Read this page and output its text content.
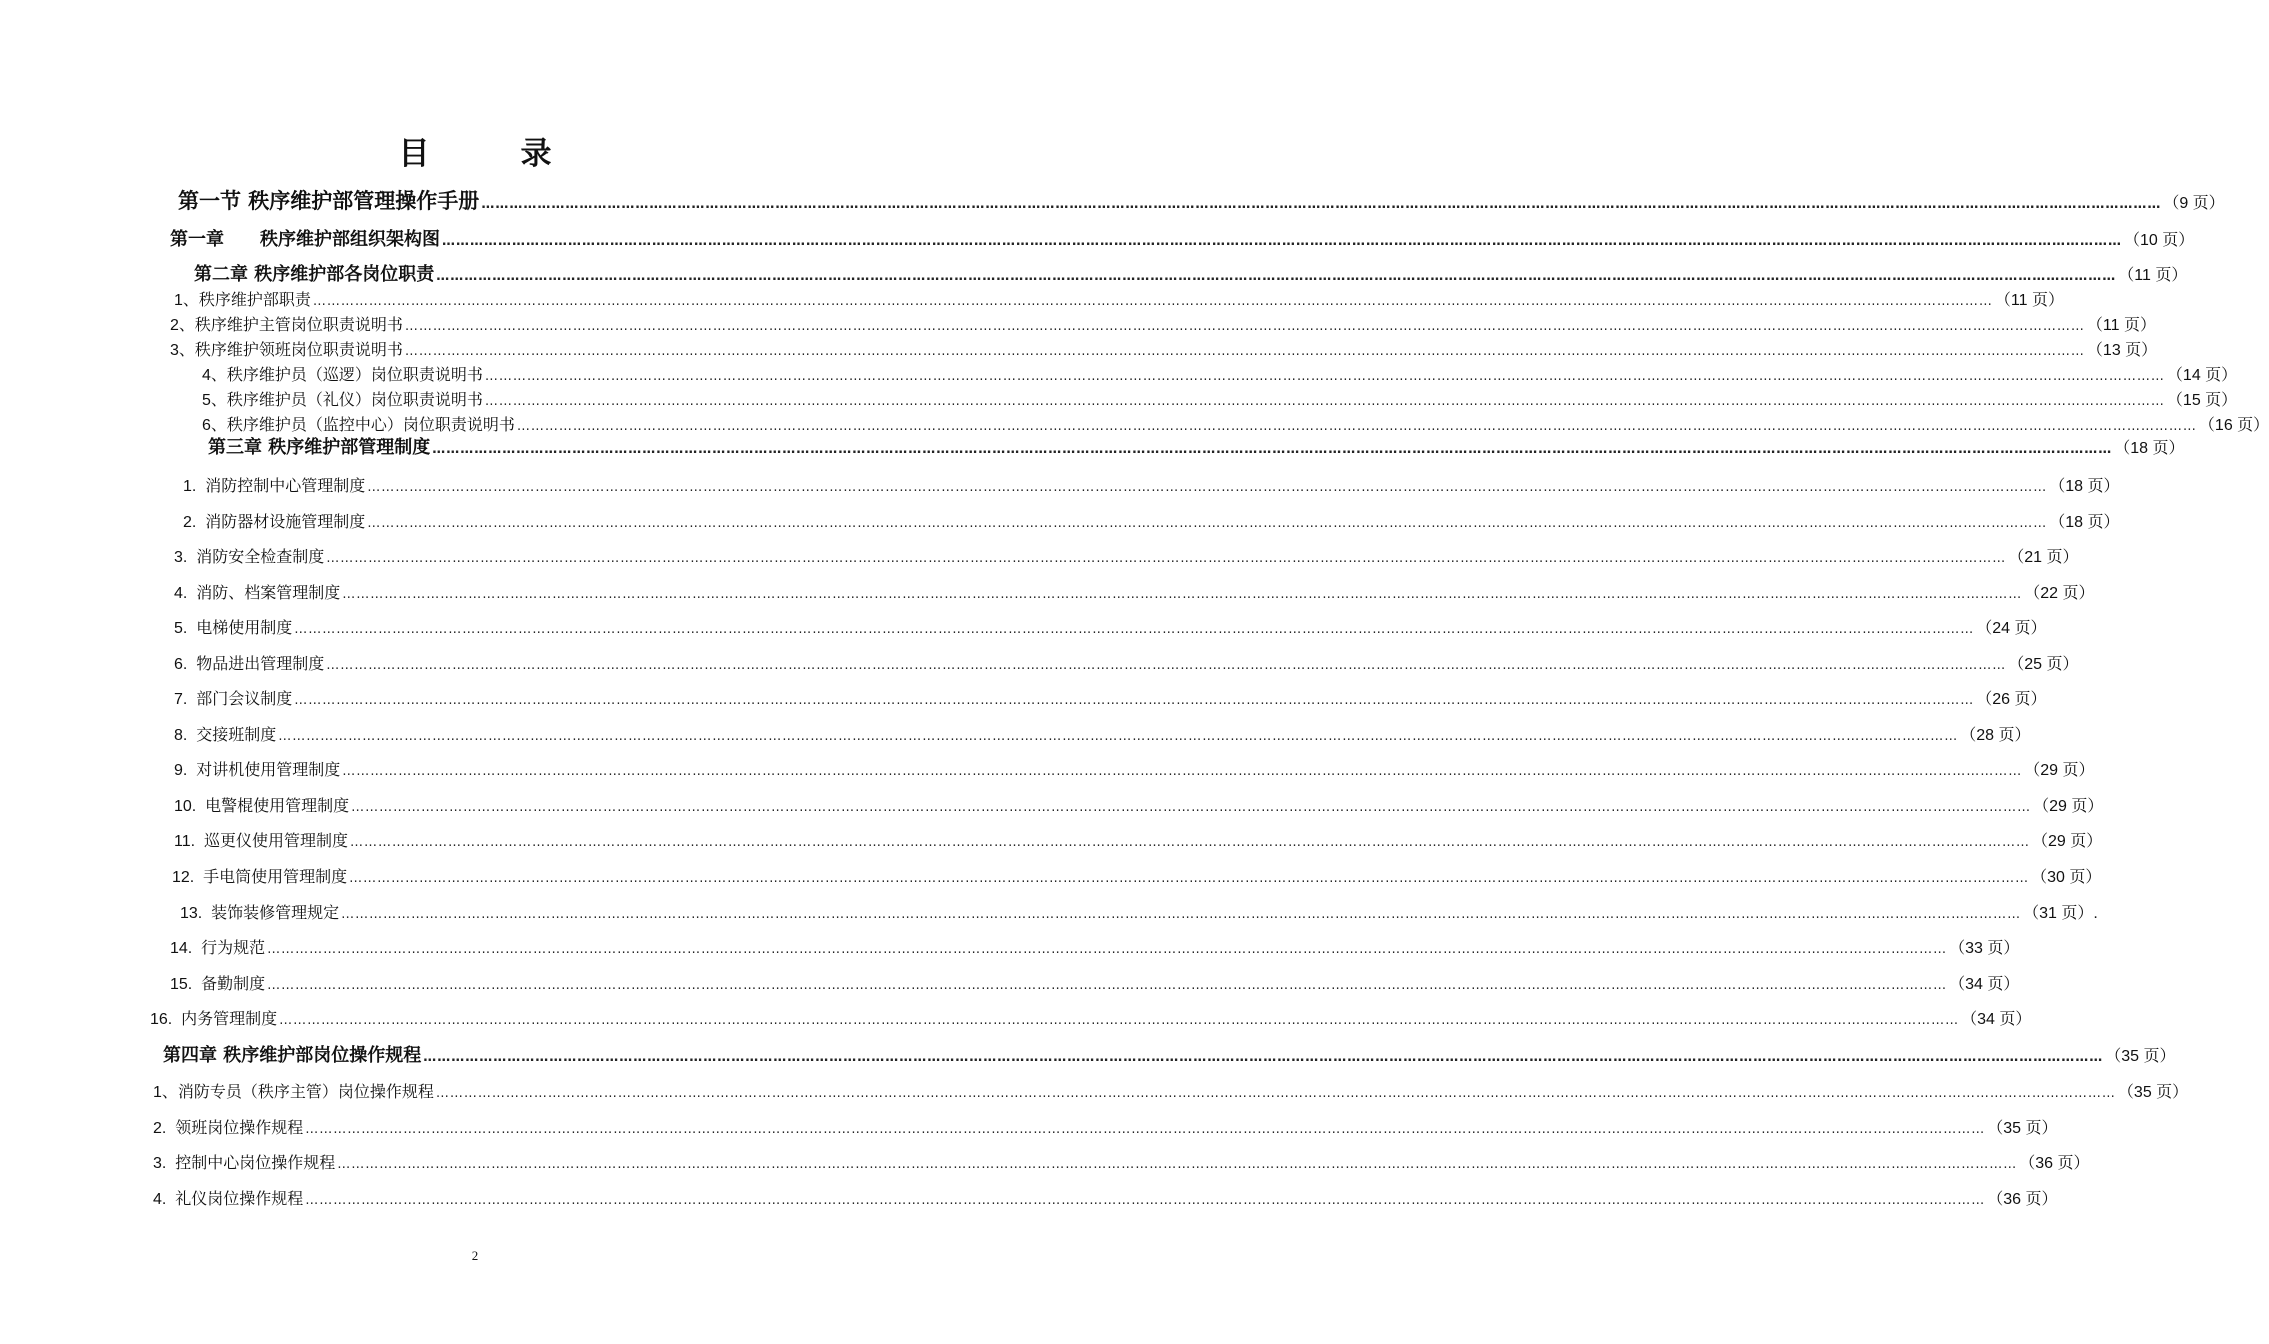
目　录
第一节 秩序维护部管理操作手册 ……………………………………………………………………………………………………………………………………………………………………………………………………………………………………………………………………………………………………………………………… （9 页）
第一章　　秩序维护部组织架构图 ……………………………………………………………………………………………………………………………………………………………………………………………………………………………………………………………………………………………………………………………… （10 页）
第二章 秩序维护部各岗位职责 ……………………………………………………………………………………………………………………………………………………………………………………………………………………………………………………………………………………………………………………………… （11 页）
1 、秩序维护部职责 ……………………………………………………………………………………………………………………………………………………………………………………………………………………………………………………………………………………………………………………………… （11 页）
2 、秩序维护主管岗位职责说明书 ……………………………………………………………………………………………………………………………………………………………………………………………………………………………………………………………………………………………………………………………… （11 页）
3 、秩序维护领班岗位职责说明书 ……………………………………………………………………………………………………………………………………………………………………………………………………………………………………………………………………………………………………………………………… （13 页）
4 、秩序维护员（巡逻）岗位职责说明书 ……………………………………………………………………………………………………………………………………………………………………………………………………………………………………………………………………………………………………………………………… （14 页）
5 、秩序维护员（礼仪）岗位职责说明书 ……………………………………………………………………………………………………………………………………………………………………………………………………………………………………………………………………………………………………………………………… （15 页）
6 、秩序维护员（监控中心）岗位职责说明书 ……………………………………………………………………………………………………………………………………………………………………………………………………………………………………………………………………………………………………………………………… （16 页）
第三章 秩序维护部管理制度 ……………………………………………………………………………………………………………………………………………………………………………………………………………………………………………………………………………………………………………………………… （18 页）
1. 消防控制中心管理制度 ……………………………………………………………………………………………………………………………………………………………………………………………………………………………………………………………………………………………………………………………… （18 页）
2. 消防器材设施管理制度 ……………………………………………………………………………………………………………………………………………………………………………………………………………………………………………………………………………………………………………………………… （18 页）
3. 消防安全检查制度 ……………………………………………………………………………………………………………………………………………………………………………………………………………………………………………………………………………………………………………………………… （21 页）
4. 消防、档案管理制度 ……………………………………………………………………………………………………………………………………………………………………………………………………………………………………………………………………………………………………………………………… （22 页）
5. 电梯使用制度 ……………………………………………………………………………………………………………………………………………………………………………………………………………………………………………………………………………………………………………………………… （24 页）
6. 物品进出管理制度 ……………………………………………………………………………………………………………………………………………………………………………………………………………………………………………………………………………………………………………………………… （25 页）
7. 部门会议制度 ……………………………………………………………………………………………………………………………………………………………………………………………………………………………………………………………………………………………………………………………… （26 页）
8. 交接班制度 ……………………………………………………………………………………………………………………………………………………………………………………………………………………………………………………………………………………………………………………………… （28 页）
9. 对讲机使用管理制度 ……………………………………………………………………………………………………………………………………………………………………………………………………………………………………………………………………………………………………………………………… （29 页）
10. 电警棍使用管理制度 ……………………………………………………………………………………………………………………………………………………………………………………………………………………………………………………………………………………………………………………………… （29 页）
11. 巡更仪使用管理制度 ……………………………………………………………………………………………………………………………………………………………………………………………………………………………………………………………………………………………………………………………… （29 页）
12. 手电筒使用管理制度 ……………………………………………………………………………………………………………………………………………………………………………………………………………………………………………………………………………………………………………………………… （30 页）
13. 装饰装修管理规定 ……………………………………………………………………………………………………………………………………………………………………………………………………………………………………………………………………………………………………………………………… （31 页）.
14. 行为规范 ……………………………………………………………………………………………………………………………………………………………………………………………………………………………………………………………………………………………………………………………… （33 页）
15. 备勤制度 ……………………………………………………………………………………………………………………………………………………………………………………………………………………………………………………………………………………………………………………………… （34 页）
16. 内务管理制度 ……………………………………………………………………………………………………………………………………………………………………………………………………………………………………………………………………………………………………………………………… （34 页）
第四章 秩序维护部岗位操作规程 ……………………………………………………………………………………………………………………………………………………………………………………………………………………………………………………………………………………………………………………………… （35 页）
1 、消防专员（秩序主管）岗位操作规程 ……………………………………………………………………………………………………………………………………………………………………………………………………………………………………………………………………………………………………………………………… （35 页）
2. 领班岗位操作规程 ……………………………………………………………………………………………………………………………………………………………………………………………………………………………………………………………………………………………………………………………… （35 页）
3. 控制中心岗位操作规程 ……………………………………………………………………………………………………………………………………………………………………………………………………………………………………………………………………………………………………………………………… （36 页）
4. 礼仪岗位操作规程 ……………………………………………………………………………………………………………………………………………………………………………………………………………………………………………………………………………………………………………………………… （36 页）
2
